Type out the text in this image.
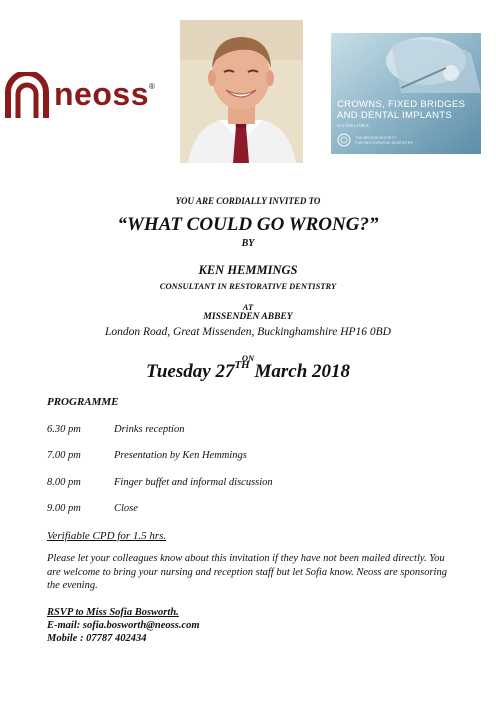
neoss ®
CROWNS, FIXED BRIDGES
AND DENTAL IMPLANTS
GUIDELINES
THE BRITISH SOCIETY
FOR RESTORATIVE DENTISTRY
YOU ARE CORDIALLY INVITED TO
“WHAT COULD GO WRONG?”
BY
KEN HEMMINGS
CONSULTANT IN RESTORATIVE DENTISTRY
AT
MISSENDEN ABBEY
London Road, Great Missenden, Buckinghamshire HP16 0BD
ON
Tuesday 27TH March 2018
PROGRAMME
6.30 pm	Drinks reception
7.00 pm	Presentation by Ken Hemmings
8.00 pm	Finger buffet and informal discussion
9.00 pm	Close
Verifiable CPD for 1.5 hrs.
Please let your colleagues know about this invitation if they have not been mailed directly. You are welcome to bring your nursing and reception staff but let Sofia know. Neoss are sponsoring the evening.
RSVP to Miss Sofia Bosworth.
E-mail: sofia.bosworth@neoss.com
Mobile : 07787 402434
